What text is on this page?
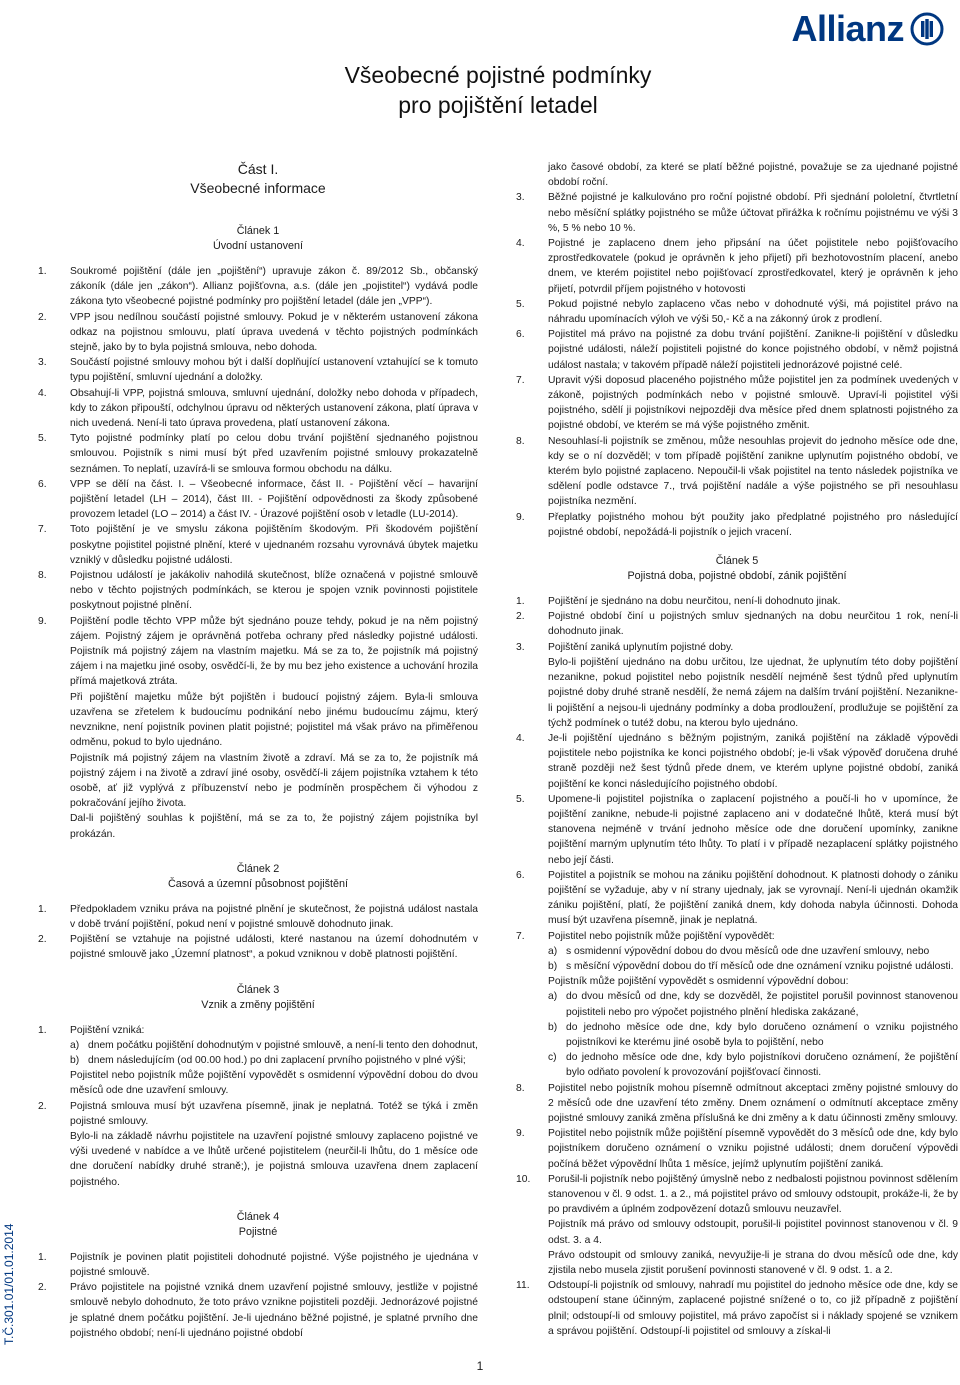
Allianz
Všeobecné pojistné podmínky
pro pojištění letadel
T.Č.301.01/01.01.2014
Část I.
Všeobecné informace
Článek 1
Úvodní ustanovení
1.	Soukromé pojištění (dále jen „pojištění“) upravuje zákon č. 89/2012 Sb., občanský zákoník (dále jen „zákon“). Allianz pojišťovna, a.s. (dále jen „pojistitel“) vydává podle zákona tyto všeobecné pojistné podmínky pro pojištění letadel (dále jen „VPP“).
2.	VPP jsou nedílnou součástí pojistné smlouvy. Pokud je v některém ustanovení zákona odkaz na pojistnou smlouvu, platí úprava uvedená v těchto pojistných podmínkách stejně, jako by to byla pojistná smlouva, nebo dohoda.
3.	Součástí pojistné smlouvy mohou být i další doplňující ustanovení vztahující se k tomuto typu pojištění, smluvní ujednání a doložky.
4.	Obsahují-li VPP, pojistná smlouva, smluvní ujednání, doložky nebo dohoda v případech, kdy to zákon připouští, odchylnou úpravu od některých ustanovení zákona, platí úprava v nich uvedená. Není-li tato úprava provedena, platí ustanovení zákona.
5.	Tyto pojistné podmínky platí po celou dobu trvání pojištění sjednaného pojistnou smlouvou. Pojistník s nimi musí být před uzavřením pojistné smlouvy prokazatelně seznámen. To neplatí, uzavírá-li se smlouva formou obchodu na dálku.
6.	VPP se dělí na část. I. – Všeobecné informace, část II. - Pojištění věcí – havarijní pojištění letadel (LH – 2014), část III. - Pojištění odpovědnosti za škody způsobené provozem letadel (LO – 2014) a část IV. - Úrazové pojištění osob v letadle (LU-2014).
7.	Toto pojištění je ve smyslu zákona pojištěním škodovým. Při škodovém pojištění poskytne pojistitel pojistné plnění, které v ujednaném rozsahu vyrovnává úbytek majetku vzniklý v důsledku pojistné události.
8.	Pojistnou událostí je jakákoliv nahodilá skutečnost, blíže označená v pojistné smlouvě nebo v těchto pojistných podmínkách, se kterou je spojen vznik povinnosti pojistitele poskytnout pojistné plnění.
9.	Pojištění podle těchto VPP může být sjednáno pouze tehdy, pokud je na něm pojistný zájem. Pojistný zájem je oprávněná potřeba ochrany před následky pojistné události. Pojistník má pojistný zájem na vlastním majetku. Má se za to, že pojistník má pojistný zájem i na majetku jiné osoby, osvědčí-li, že by mu bez jeho existence a uchování hrozila přímá majetková ztráta.
Při pojištění majetku může být pojištěn i budoucí pojistný zájem. Byla-li smlouva uzavřena se zřetelem k budoucímu podnikání nebo jinému budoucímu zájmu, který nevznikne, není pojistník povinen platit pojistné; pojistitel má však právo na přiměřenou odměnu, pokud to bylo ujednáno.
Pojistník má pojistný zájem na vlastním životě a zdraví. Má se za to, že pojistník má pojistný zájem i na životě a zdraví jiné osoby, osvědčí-li zájem pojistníka vztahem k této osobě, ať již vyplývá z příbuzenství nebo je podmíněn prospěchem či výhodou z pokračování jejího života.
Dal-li pojištěný souhlas k pojištění, má se za to, že pojistný zájem pojistníka byl prokázán.
Článek 2
Časová a územní působnost pojištění
1.	Předpokladem vzniku práva na pojistné plnění je skutečnost, že pojistná událost nastala v době trvání pojištění, pokud není v pojistné smlouvě dohodnuto jinak.
2.	Pojištění se vztahuje na pojistné události, které nastanou na území dohodnutém v pojistné smlouvě jako „Územní platnost“, a pokud vzniknou v době platnosti pojištění.
Článek 3
Vznik a změny pojištění
1.	Pojištění vzniká:
a) dnem počátku pojištění dohodnutým v pojistné smlouvě, a není-li tento den dohodnut,
b) dnem následujícím (od 00.00 hod.) po dni zaplacení prvního pojistného v plné výši;
Pojistitel nebo pojistník může pojištění vypovědět s osmidenní výpovědní dobou do dvou měsíců ode dne uzavření smlouvy.
2.	Pojistná smlouva musí být uzavřena písemně, jinak je neplatná. Totéž se týká i změn pojistné smlouvy.
Bylo-li na základě návrhu pojistitele na uzavření pojistné smlouvy zaplaceno pojistné ve výši uvedené v nabídce a ve lhůtě určené pojistitelem (neurčil-li lhůtu, do 1 měsíce ode dne doručení nabídky druhé straně;), je pojistná smlouva uzavřena dnem zaplacení pojistného.
Článek 4
Pojistné
1.	Pojistník je povinen platit pojistiteli dohodnuté pojistné. Výše pojistného je ujednána v pojistné smlouvě.
2.	Právo pojistitele na pojistné vzniká dnem uzavření pojistné smlouvy, jestliže v pojistné smlouvě nebylo dohodnuto, že toto právo vznikne pojistiteli později. Jednorázové pojistné je splatné dnem počátku pojištění. Je-li ujednáno běžné pojistné, je splatné prvního dne pojistného období; není-li ujednáno pojistné období
jako časové období, za které se platí běžné pojistné, považuje se za ujednané pojistné období roční.
3.	Běžné pojistné je kalkulováno pro roční pojistné období. Při sjednání pololetní, čtvrtletní nebo měsíční splátky pojistného se může účtovat přirážka k ročnímu pojistnému ve výši 3 %, 5 % nebo 10 %.
4.	Pojistné je zaplaceno dnem jeho připsání na účet pojistitele nebo pojišťovacího zprostředkovatele (pokud je oprávněn k jeho přijetí) při bezhotovostním placení, anebo dnem, ve kterém pojistitel nebo pojišťovací zprostředkovatel, který je oprávněn k jeho přijetí, potvrdil příjem pojistného v hotovosti
5.	Pokud pojistné nebylo zaplaceno včas nebo v dohodnuté výši, má pojistitel právo na náhradu upomínacích výloh ve výši 50,- Kč a na zákonný úrok z prodlení.
6.	Pojistitel má právo na pojistné za dobu trvání pojištění. Zanikne-li pojištění v důsledku pojistné události, náleží pojistiteli pojistné do konce pojistného období, v němž pojistná událost nastala; v takovém případě náleží pojistiteli jednorázové pojistné celé.
7.	Upravit výši doposud placeného pojistného může pojistitel jen za podmínek uvedených v zákoně, pojistných podmínkách nebo v pojistné smlouvě. Upraví-li pojistitel výši pojistného, sdělí ji pojistníkovi nejpozději dva měsíce před dnem splatnosti pojistného za pojistné období, ve kterém se má výše pojistného změnit.
8.	Nesouhlasí-li pojistník se změnou, může nesouhlas projevit do jednoho měsíce ode dne, kdy se o ní dozvěděl; v tom případě pojištění zanikne uplynutím pojistného období, ve kterém bylo pojistné zaplaceno. Nepoučil-li však pojistitel na tento následek pojistníka ve sdělení podle odstavce 7., trvá pojištění nadále a výše pojistného se při nesouhlasu pojistníka nezmění.
9.	Přeplatky pojistného mohou být použity jako předplatné pojistného pro následující pojistné období, nepožádá-li pojistník o jejich vracení.
Článek 5
Pojistná doba, pojistné období, zánik pojištění
1.	Pojištění je sjednáno na dobu neurčitou, není-li dohodnuto jinak.
2.	Pojistné období činí u pojistných smluv sjednaných na dobu neurčitou 1 rok, není-li dohodnuto jinak.
3.	Pojištění zaniká uplynutím pojistné doby.
Bylo-li pojištění ujednáno na dobu určitou, lze ujednat, že uplynutím této doby pojištění nezanikne, pokud pojistitel nebo pojistník nesdělí nejméně šest týdnů před uplynutím pojistné doby druhé straně nesdělí, že nemá zájem na dalším trvání pojištění. Nezanikne-li pojištění a nejsou-li ujednány podmínky a doba prodloužení, prodlužuje se pojištění za týchž podmínek o tutéž dobu, na kterou bylo ujednáno.
4.	Je-li pojištění ujednáno s běžným pojistným, zaniká pojištění na základě výpovědi pojistitele nebo pojistníka ke konci pojistného období; je-li však výpověď doručena druhé straně později než šest týdnů přede dnem, ve kterém uplyne pojistné období, zaniká pojištění ke konci následujícího pojistného období.
5.	Upomene-li pojistitel pojistníka o zaplacení pojistného a poučí-li ho v upomínce, že pojištění zanikne, nebude-li pojistné zaplaceno ani v dodatečné lhůtě, která musí být stanovena nejméně v trvání jednoho měsíce ode dne doručení upomínky, zanikne pojištění marným uplynutím této lhůty. To platí i v případě nezaplacení splátky pojistného nebo její části.
6.	Pojistitel a pojistník se mohou na zániku pojištění dohodnout. K platnosti dohody o zániku pojištění se vyžaduje, aby v ní strany ujednaly, jak se vyrovnají. Není-li ujednán okamžik zániku pojištění, platí, že pojištění zaniká dnem, kdy dohoda nabyla účinnosti. Dohoda musí být uzavřena písemně, jinak je neplatná.
7.	Pojistitel nebo pojistník může pojištění vypovědět:
a) s osmidenní výpovědní dobou do dvou měsíců ode dne uzavření smlouvy, nebo
b) s měsíční výpovědní dobou do tří měsíců ode dne oznámení vzniku pojistné události.
Pojistník může pojištění vypovědět s osmidenní výpovědní dobou:
a) do dvou měsíců od dne, kdy se dozvěděl, že pojistitel porušil povinnost stanovenou pojistiteli nebo pro výpočet pojistného plnění hlediska zakázané,
b) do jednoho měsíce ode dne, kdy bylo doručeno oznámení o vzniku pojistného pojistníkovi ke kterému jiné osobě byla to pojištění, nebo
c) do jednoho měsíce ode dne, kdy bylo pojistníkovi doručeno oznámení, že pojištění bylo odňato povolení k provozování pojišťovací činnosti.
8.	Pojistitel nebo pojistník mohou písemně odmítnout akceptaci změny pojistné smlouvy do 2 měsíců ode dne uzavření této změny. Dnem oznámení o odmítnutí akceptace změny pojistné smlouvy zaniká změna příslušná ke dni změny a k datu účinnosti změny smlouvy.
9.	Pojistitel nebo pojistník může pojištění písemně vypovědět do 3 měsíců ode dne, kdy bylo pojistníkem doručeno oznámení o vzniku pojistné události; dnem doručení výpovědi počíná běžet výpovědní lhůta 1 měsíce, jejímž uplynutím pojištění zaniká.
10.	Porušil-li pojistník nebo pojištěný úmyslně nebo z nedbalosti pojistnou povinnost sdělením stanovenou v čl. 9 odst. 1. a 2., má pojistitel právo od smlouvy odstoupit, prokáže-li, že by po pravdivém a úplném zodpovězení dotazů smlouvu neuzavřel.
Pojistník má právo od smlouvy odstoupit, porušil-li pojistitel povinnost stanovenou v čl. 9 odst. 3. a 4.
Právo odstoupit od smlouvy zaniká, nevyužije-li je strana do dvou měsíců ode dne, kdy zjistila nebo musela zjistit porušení povinnosti stanovené v čl. 9 odst. 1. a 2.
11.	Odstoupí-li pojistník od smlouvy, nahradí mu pojistitel do jednoho měsíce ode dne, kdy se odstoupení stane účinným, zaplacené pojistné snížené o to, co již případně z pojištění plnil; odstoupí-li od smlouvy pojistitel, má právo započíst si i náklady spojené se vznikem a správou pojištění. Odstoupí-li pojistitel od smlouvy a získal-li
1
